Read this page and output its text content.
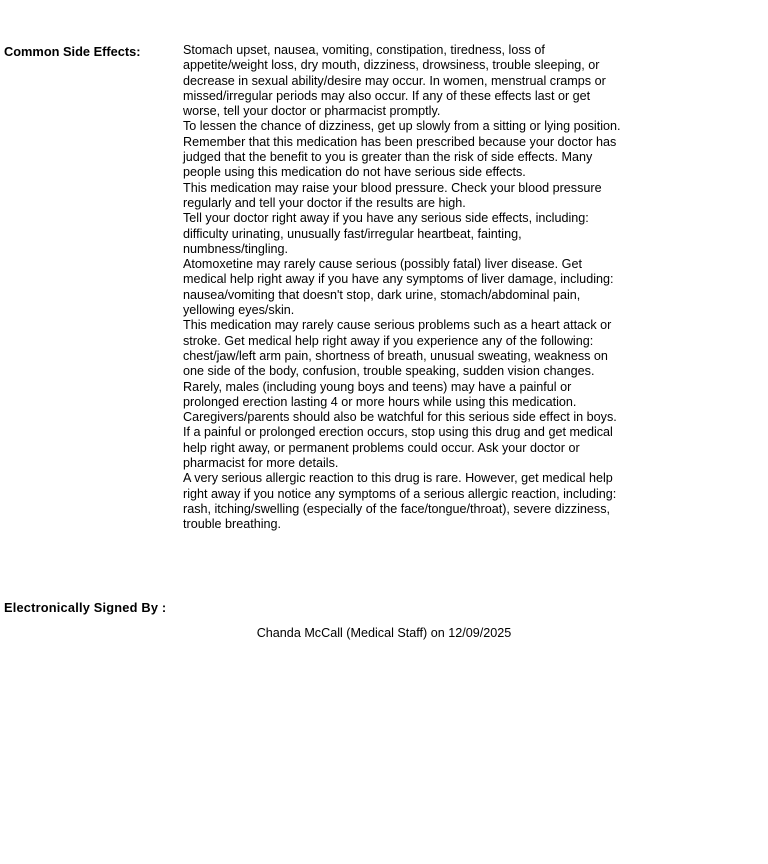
Common Side Effects:	Stomach upset, nausea, vomiting, constipation, tiredness, loss of
appetite/weight loss, dry mouth, dizziness, drowsiness, trouble sleeping, or
decrease in sexual ability/desire may occur. In women, menstrual cramps or
missed/irregular periods may also occur. If any of these effects last or get
worse, tell your doctor or pharmacist promptly.
To lessen the chance of dizziness, get up slowly from a sitting or lying position.
Remember that this medication has been prescribed because your doctor has
judged that the benefit to you is greater than the risk of side effects. Many
people using this medication do not have serious side effects.
This medication may raise your blood pressure. Check your blood pressure
regularly and tell your doctor if the results are high.
Tell your doctor right away if you have any serious side effects, including:
difficulty urinating, unusually fast/irregular heartbeat, fainting,
numbness/tingling.
Atomoxetine may rarely cause serious (possibly fatal) liver disease. Get
medical help right away if you have any symptoms of liver damage, including:
nausea/vomiting that doesn't stop, dark urine, stomach/abdominal pain,
yellowing eyes/skin.
This medication may rarely cause serious problems such as a heart attack or
stroke. Get medical help right away if you experience any of the following:
chest/jaw/left arm pain, shortness of breath, unusual sweating, weakness on
one side of the body, confusion, trouble speaking, sudden vision changes.
Rarely, males (including young boys and teens) may have a painful or
prolonged erection lasting 4 or more hours while using this medication.
Caregivers/parents should also be watchful for this serious side effect in boys.
If a painful or prolonged erection occurs, stop using this drug and get medical
help right away, or permanent problems could occur. Ask your doctor or
pharmacist for more details.
A very serious allergic reaction to this drug is rare. However, get medical help
right away if you notice any symptoms of a serious allergic reaction, including:
rash, itching/swelling (especially of the face/tongue/throat), severe dizziness,
trouble breathing.
Electronically Signed By :
Chanda McCall (Medical Staff) on 12/09/2025
